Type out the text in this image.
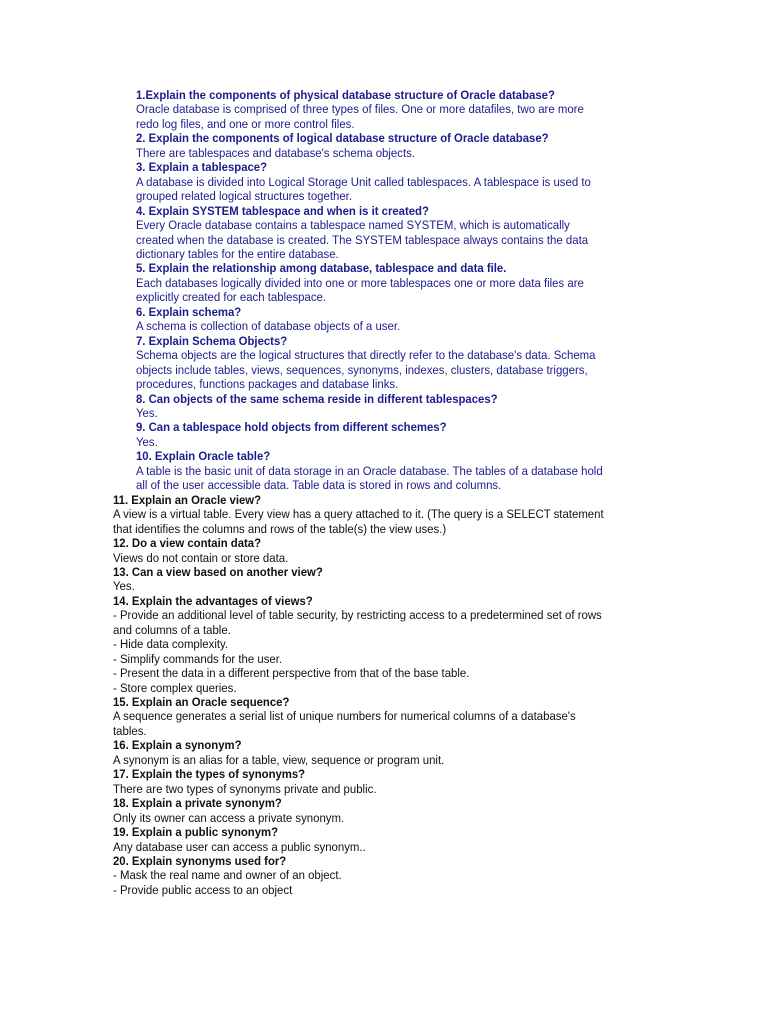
1.Explain the components of physical database structure of Oracle database?
Oracle database is comprised of three types of files. One or more datafiles, two are more
redo log files, and one or more control files.
2. Explain the components of logical database structure of Oracle database?
There are tablespaces and database's schema objects.
3. Explain a tablespace?
A database is divided into Logical Storage Unit called tablespaces. A tablespace is used to
grouped related logical structures together.
4. Explain SYSTEM tablespace and when is it created?
Every Oracle database contains a tablespace named SYSTEM, which is automatically
created when the database is created. The SYSTEM tablespace always contains the data
dictionary tables for the entire database.
5. Explain the relationship among database, tablespace and data file.
Each databases logically divided into one or more tablespaces one or more data files are
explicitly created for each tablespace.
6. Explain schema?
A schema is collection of database objects of a user.
7. Explain Schema Objects?
Schema objects are the logical structures that directly refer to the database's data. Schema
objects include tables, views, sequences, synonyms, indexes, clusters, database triggers,
procedures, functions packages and database links.
8. Can objects of the same schema reside in different tablespaces?
Yes.
9. Can a tablespace hold objects from different schemes?
Yes.
10. Explain Oracle table?
A table is the basic unit of data storage in an Oracle database. The tables of a database hold
all of the user accessible data. Table data is stored in rows and columns.
11. Explain an Oracle view?
A view is a virtual table. Every view has a query attached to it. (The query is a SELECT statement
that identifies the columns and rows of the table(s) the view uses.)
12. Do a view contain data?
Views do not contain or store data.
13. Can a view based on another view?
Yes.
14. Explain the advantages of views?
- Provide an additional level of table security, by restricting access to a predetermined set of rows
and columns of a table.
- Hide data complexity.
- Simplify commands for the user.
- Present the data in a different perspective from that of the base table.
- Store complex queries.
15. Explain an Oracle sequence?
A sequence generates a serial list of unique numbers for numerical columns of a database's
tables.
16. Explain a synonym?
A synonym is an alias for a table, view, sequence or program unit.
17. Explain the types of synonyms?
There are two types of synonyms private and public.
18. Explain a private synonym?
Only its owner can access a private synonym.
19. Explain a public synonym?
Any database user can access a public synonym..
20. Explain synonyms used for?
- Mask the real name and owner of an object.
- Provide public access to an object
